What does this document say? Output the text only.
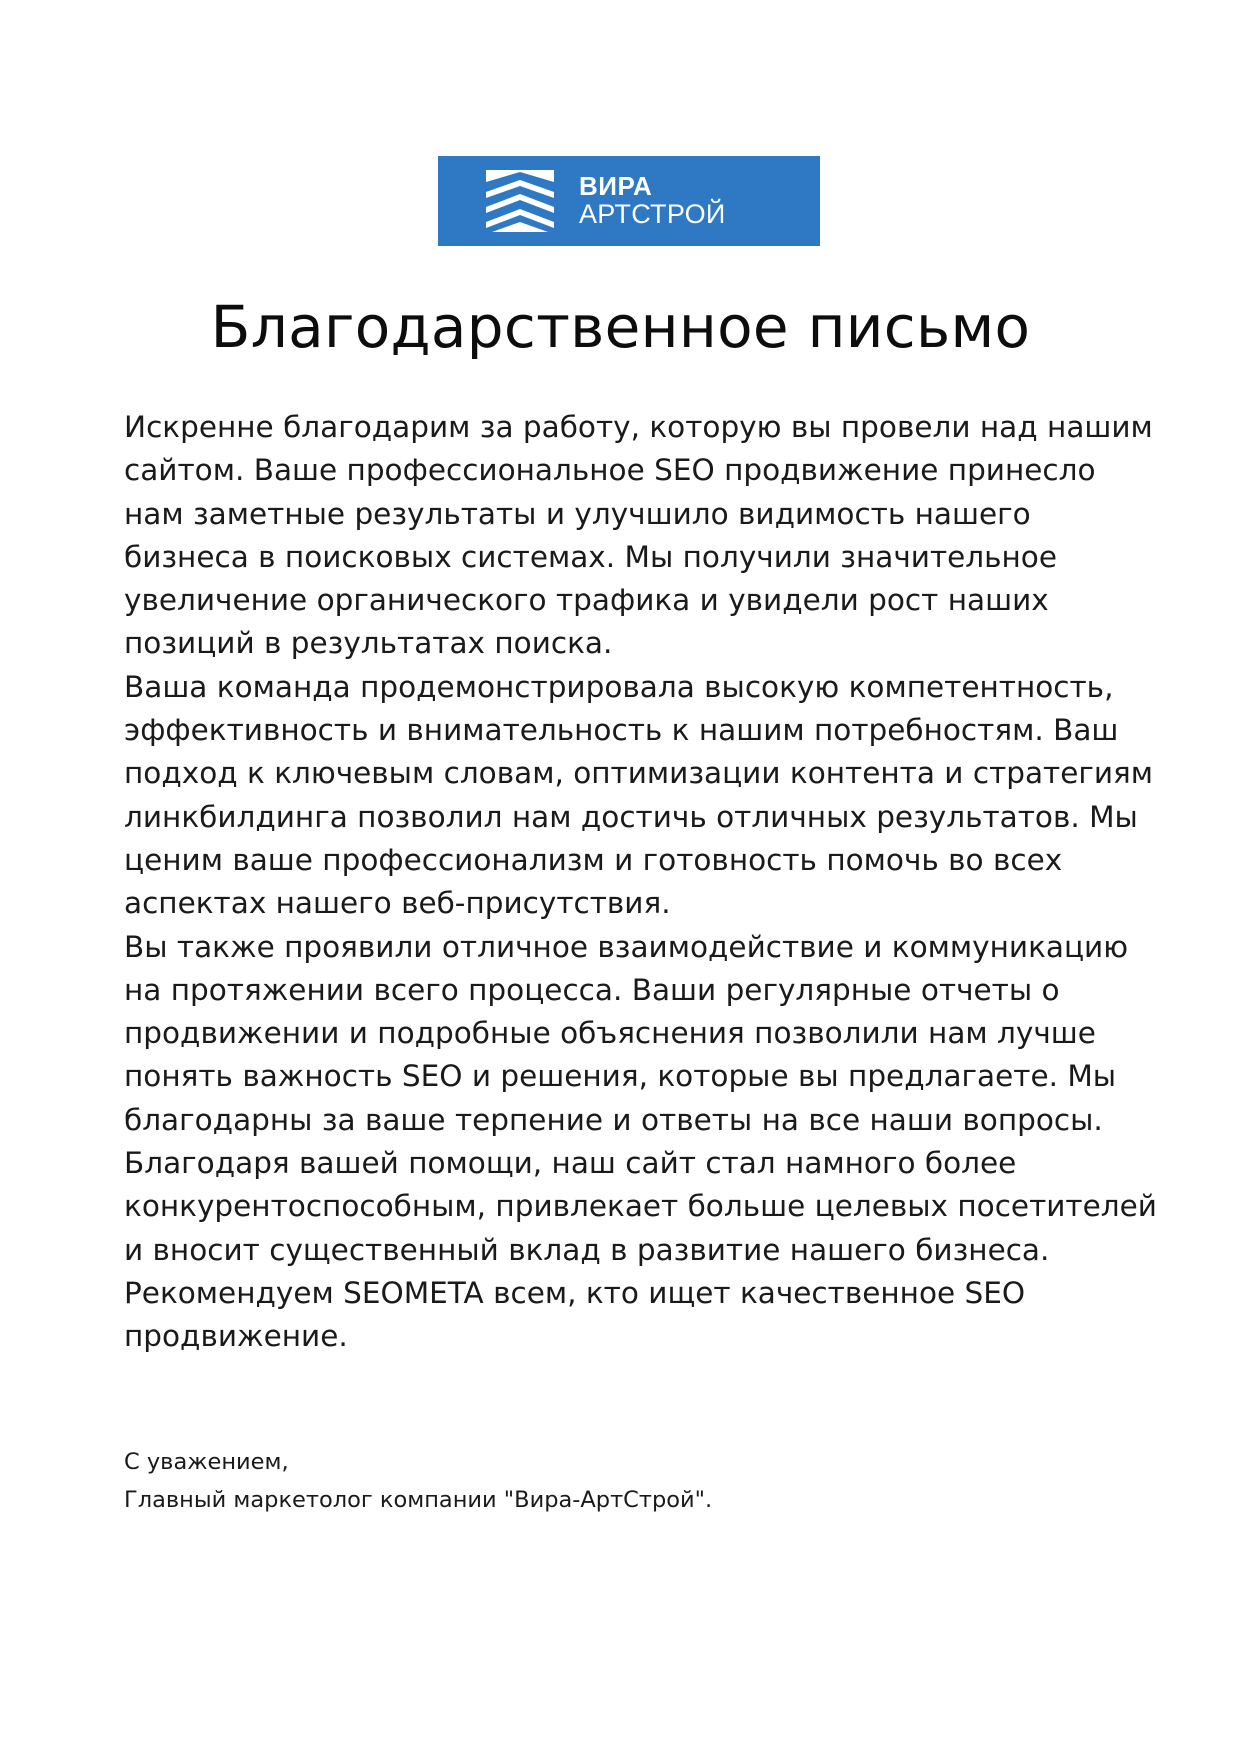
ВИРА
АРТСТРОЙ
Благодарственное письмо
Искренне благодарим за работу, которую вы провели над нашим
сайтом. Ваше профессиональное SEO продвижение принесло
нам заметные результаты и улучшило видимость нашего
бизнеса в поисковых системах. Мы получили значительное
увеличение органического трафика и увидели рост наших
позиций в результатах поиска.
Ваша команда продемонстрировала высокую компетентность,
эффективность и внимательность к нашим потребностям. Ваш
подход к ключевым словам, оптимизации контента и стратегиям
линкбилдинга позволил нам достичь отличных результатов. Мы
ценим ваше профессионализм и готовность помочь во всех
аспектах нашего веб-присутствия.
Вы также проявили отличное взаимодействие и коммуникацию
на протяжении всего процесса. Ваши регулярные отчеты о
продвижении и подробные объяснения позволили нам лучше
понять важность SEO и решения, которые вы предлагаете. Мы
благодарны за ваше терпение и ответы на все наши вопросы.
Благодаря вашей помощи, наш сайт стал намного более
конкурентоспособным, привлекает больше целевых посетителей
и вносит существенный вклад в развитие нашего бизнеса.
Рекомендуем SEOMETA всем, кто ищет качественное SEO
продвижение.
С уважением,
Главный маркетолог компании "Вира-АртСтрой".
